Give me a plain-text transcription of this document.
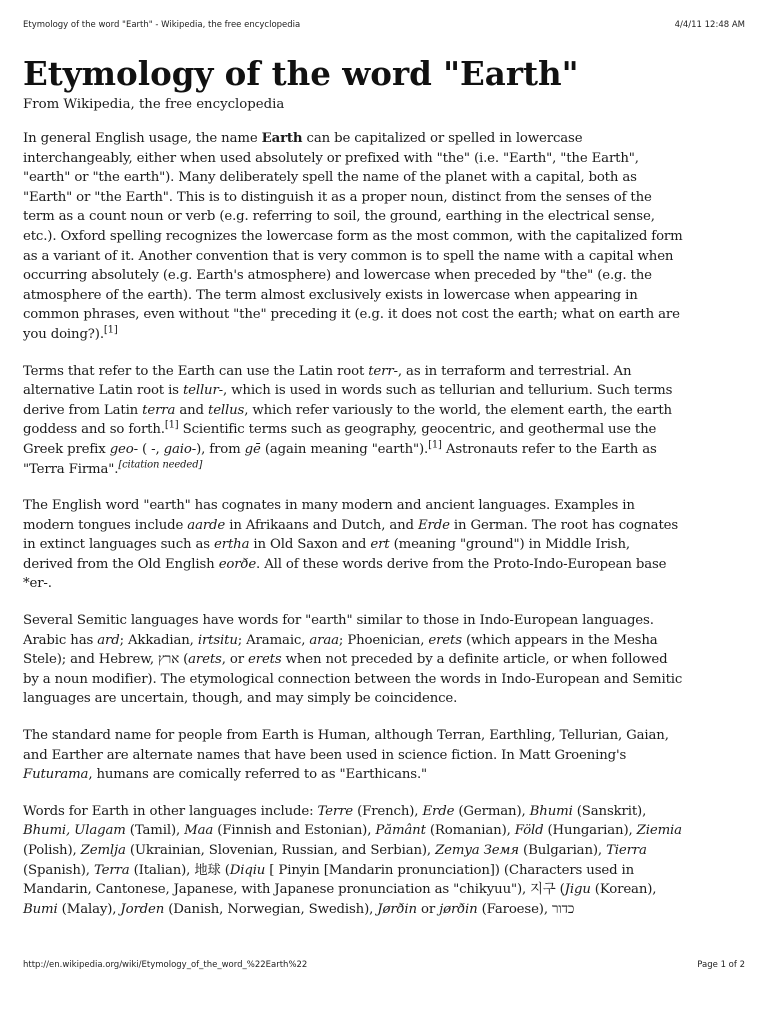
Etymology of the word "Earth" - Wikipedia, the free encyclopedia	4/4/11 12:48 AM
Etymology of the word "Earth"
From Wikipedia, the free encyclopedia

In general English usage, the name Earth can be capitalized or spelled in lowercase interchangeably, either when used absolutely or prefixed with "the" (i.e. "Earth", "the Earth", "earth" or "the earth"). Many deliberately spell the name of the planet with a capital, both as "Earth" or "the Earth". This is to distinguish it as a proper noun, distinct from the senses of the term as a count noun or verb (e.g. referring to soil, the ground, earthing in the electrical sense, etc.). Oxford spelling recognizes the lowercase form as the most common, with the capitalized form as a variant of it. Another convention that is very common is to spell the name with a capital when occurring absolutely (e.g. Earth's atmosphere) and lowercase when preceded by "the" (e.g. the atmosphere of the earth). The term almost exclusively exists in lowercase when appearing in common phrases, even without "the" preceding it (e.g. it does not cost the earth; what on earth are you doing?).[1]

Terms that refer to the Earth can use the Latin root terr-, as in terraform and terrestrial. An alternative Latin root is tellur-, which is used in words such as tellurian and tellurium. Such terms derive from Latin terra and tellus, which refer variously to the world, the element earth, the earth goddess and so forth.[1] Scientific terms such as geography, geocentric, and geothermal use the Greek prefix geo- ( -, gaio-), from gē (again meaning "earth").[1] Astronauts refer to the Earth as "Terra Firma".[citation needed]

The English word "earth" has cognates in many modern and ancient languages. Examples in modern tongues include aarde in Afrikaans and Dutch, and Erde in German. The root has cognates in extinct languages such as ertha in Old Saxon and ert (meaning "ground") in Middle Irish, derived from the Old English eorðe. All of these words derive from the Proto-Indo-European base *er-.

Several Semitic languages have words for "earth" similar to those in Indo-European languages. Arabic has ard; Akkadian, irtsitu; Aramaic, araa; Phoenician, erets (which appears in the Mesha Stele); and Hebrew, ארץ (arets, or erets when not preceded by a definite article, or when followed by a noun modifier). The etymological connection between the words in Indo-European and Semitic languages are uncertain, though, and may simply be coincidence.

The standard name for people from Earth is Human, although Terran, Earthling, Tellurian, Gaian, and Earther are alternate names that have been used in science fiction. In Matt Groening's Futurama, humans are comically referred to as "Earthicans."

Words for Earth in other languages include: Terre (French), Erde (German), Bhumi (Sanskrit), Bhumi, Ulagam (Tamil), Maa (Finnish and Estonian), Pământ (Romanian), Föld (Hungarian), Ziemia (Polish), Zemlja (Ukrainian, Slovenian, Russian, and Serbian), Zemya Земя (Bulgarian), Tierra (Spanish), Terra (Italian), 地球 (Diqiu [ Pinyin [Mandarin pronunciation]) (Characters used in Mandarin, Cantonese, Japanese, with Japanese pronunciation as "chikyuu"), 지구 (Jigu (Korean), Bumi (Malay), Jorden (Danish, Norwegian, Swedish), Jørðin or jørðin (Faroese), כדור

http://en.wikipedia.org/wiki/Etymology_of_the_word_%22Earth%22	Page 1 of 2
